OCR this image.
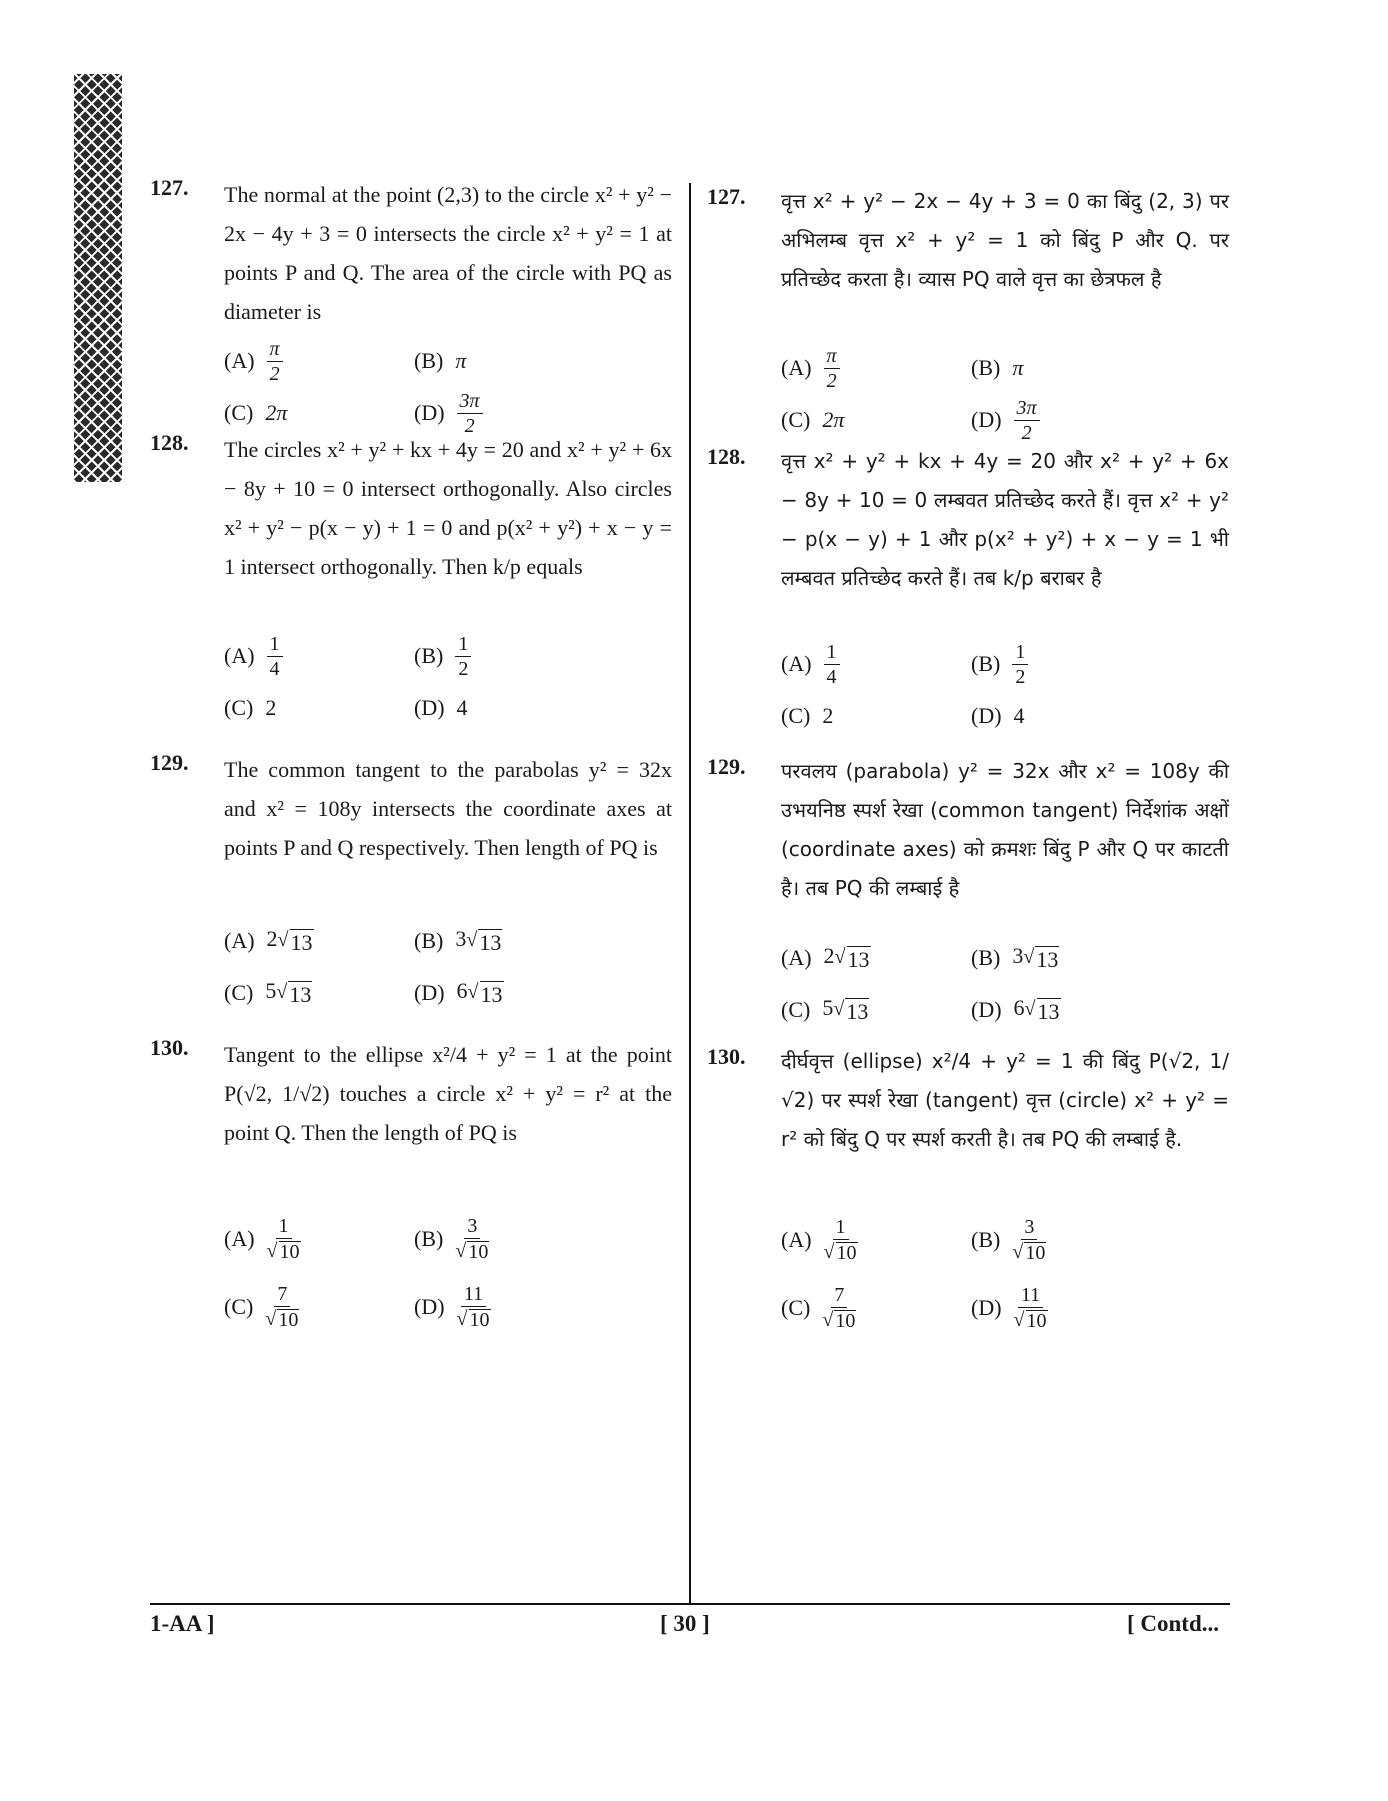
127. The normal at the point (2,3) to the circle x² + y² − 2x − 4y + 3 = 0 intersects the circle x² + y² = 1 at points P and Q. The area of the circle with PQ as diameter is
$(A) \frac{\pi}{2}$	(B) π
(C) 2π	$(D) \frac{3\pi}{2}$
128. The circles x² + y² + kx + 4y = 20 and x² + y² + 6x − 8y + 10 = 0 intersect orthogonally. Also circles x² + y² − p(x − y) + 1 = 0 and p(x² + y²) + x − y = 1 intersect orthogonally. Then k/p equals
$(A) \frac{1}{4}$	$(B) \frac{1}{2}$
(C) 2	(D) 4
129. The common tangent to the parabolas y² = 32x and x² = 108y intersects the coordinate axes at points P and Q respectively. Then length of PQ is
(A) 2 √ 13	(B) 3 √ 13
(C) 5 √ 13	(D) 6 √ 13
130. Tangent to the ellipse x²/4 + y² = 1 at the point P(√2, 1/√2) touches a circle x² + y² = r² at the point Q. Then the length of PQ is
$(A) \frac{1}{√ 10}$	$(B) \frac{3}{√ 10}$
$(C) \frac{7}{√ 10}$	$(D) \frac{11}{√ 10}$
127. वृत्त x² + y² − 2x − 4y + 3 = 0 का बिंदु (2, 3) पर अभिलम्ब वृत्त x² + y² = 1 को बिंदु P और Q. पर प्रतिच्छेद करता है। व्यास PQ वाले वृत्त का छेत्रफल है
$(A) \frac{\pi}{2}$	(B) π
(C) 2π	$(D) \frac{3\pi}{2}$
128. वृत्त x² + y² + kx + 4y = 20 और x² + y² + 6x − 8y + 10 = 0 लम्बवत प्रतिच्छेद करते हैं। वृत्त x² + y² − p(x − y) + 1 और p(x² + y²) + x − y = 1 भी लम्बवत प्रतिच्छेद करते हैं। तब k/p बराबर है
$(A) \frac{1}{4}$	$(B) \frac{1}{2}$
(C) 2	(D) 4
129. परवलय (parabola) y² = 32x और x² = 108y की उभयनिष्ठ स्पर्श रेखा (common tangent) निर्देशांक अक्षों (coordinate axes) को क्रमशः बिंदु P और Q पर काटती है। तब PQ की लम्बाई है
(A) 2 √ 13	(B) 3 √ 13
(C) 5 √ 13	(D) 6 √ 13
130. दीर्घवृत्त (ellipse) x²/4 + y² = 1 की बिंदु P(√2, 1/√2) पर स्पर्श रेखा (tangent) वृत्त (circle) x² + y² = r² को बिंदु Q पर स्पर्श करती है। तब PQ की लम्बाई है.
$(A) \frac{1}{√ 10}$	$(B) \frac{3}{√ 10}$
$(C) \frac{7}{√ 10}$	$(D) \frac{11}{√ 10}$
1-AA ]	[ 30 ]	[ Contd...
